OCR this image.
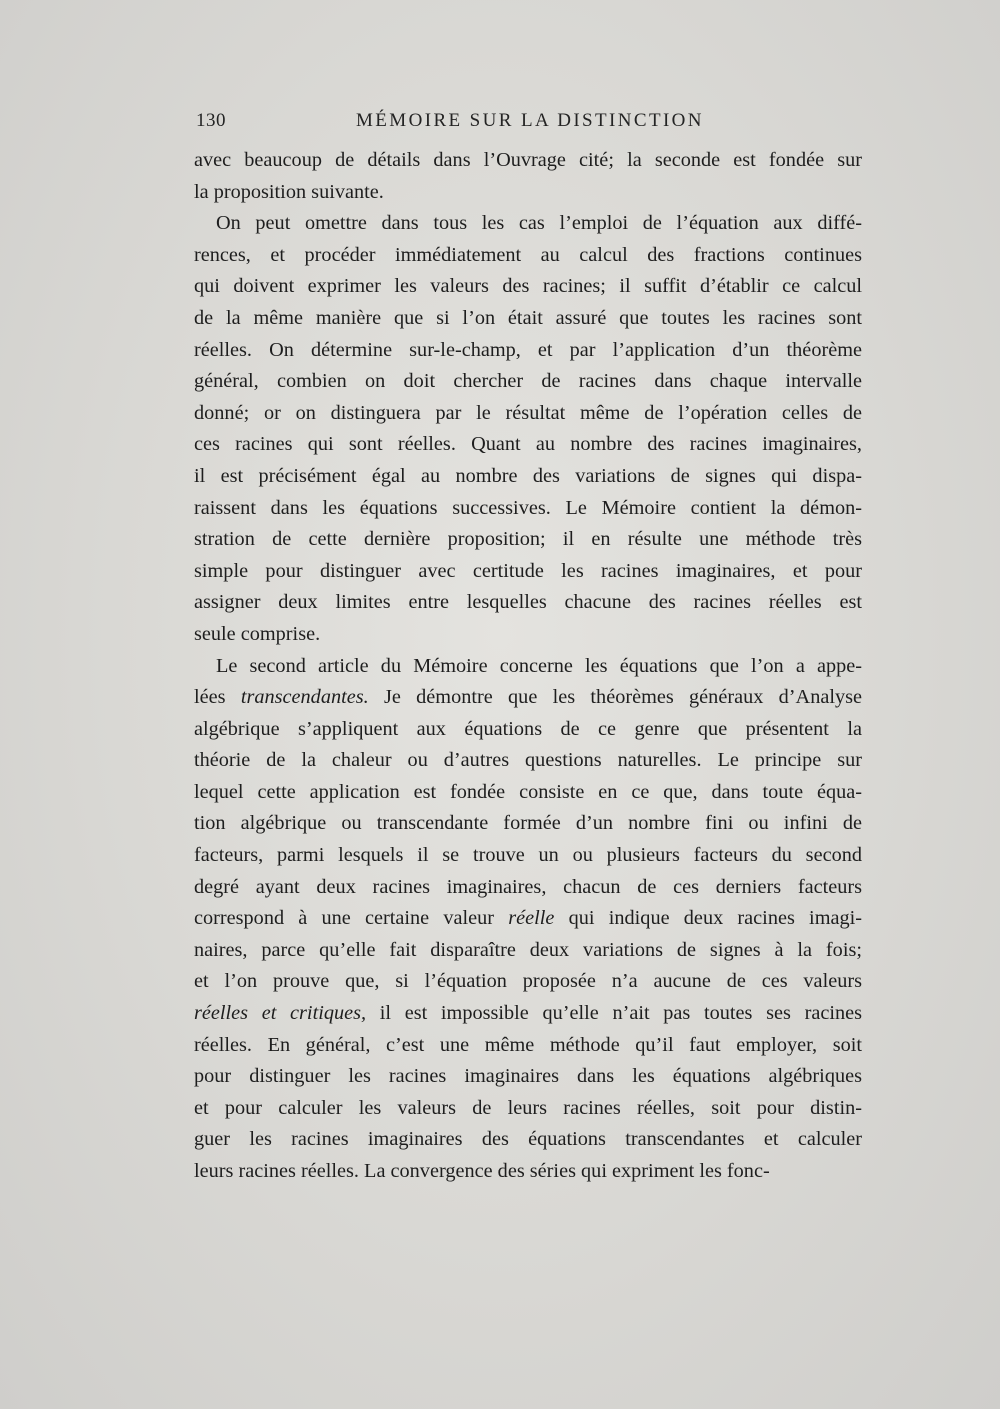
130	MÉMOIRE SUR LA DISTINCTION

avec beaucoup de détails dans l’Ouvrage cité; la seconde est fondée sur
la proposition suivante.

On peut omettre dans tous les cas l’emploi de l’équation aux diffé-
rences, et procéder immédiatement au calcul des fractions continues
qui doivent exprimer les valeurs des racines; il suffit d’établir ce calcul
de la même manière que si l’on était assuré que toutes les racines sont
réelles. On détermine sur-le-champ, et par l’application d’un théorème
général, combien on doit chercher de racines dans chaque intervalle
donné; or on distinguera par le résultat même de l’opération celles de
ces racines qui sont réelles. Quant au nombre des racines imaginaires,
il est précisément égal au nombre des variations de signes qui dispa-
raissent dans les équations successives. Le Mémoire contient la démon-
stration de cette dernière proposition; il en résulte une méthode très
simple pour distinguer avec certitude les racines imaginaires, et pour
assigner deux limites entre lesquelles chacune des racines réelles est
seule comprise.

Le second article du Mémoire concerne les équations que l’on a appe-
lées transcendantes. Je démontre que les théorèmes généraux d’Analyse
algébrique s’appliquent aux équations de ce genre que présentent la
théorie de la chaleur ou d’autres questions naturelles. Le principe sur
lequel cette application est fondée consiste en ce que, dans toute équa-
tion algébrique ou transcendante formée d’un nombre fini ou infini de
facteurs, parmi lesquels il se trouve un ou plusieurs facteurs du second
degré ayant deux racines imaginaires, chacun de ces derniers facteurs
correspond à une certaine valeur réelle qui indique deux racines imagi-
naires, parce qu’elle fait disparaître deux variations de signes à la fois;
et l’on prouve que, si l’équation proposée n’a aucune de ces valeurs
réelles et critiques, il est impossible qu’elle n’ait pas toutes ses racines
réelles. En général, c’est une même méthode qu’il faut employer, soit
pour distinguer les racines imaginaires dans les équations algébriques
et pour calculer les valeurs de leurs racines réelles, soit pour distin-
guer les racines imaginaires des équations transcendantes et calculer
leurs racines réelles. La convergence des séries qui expriment les fonc-
